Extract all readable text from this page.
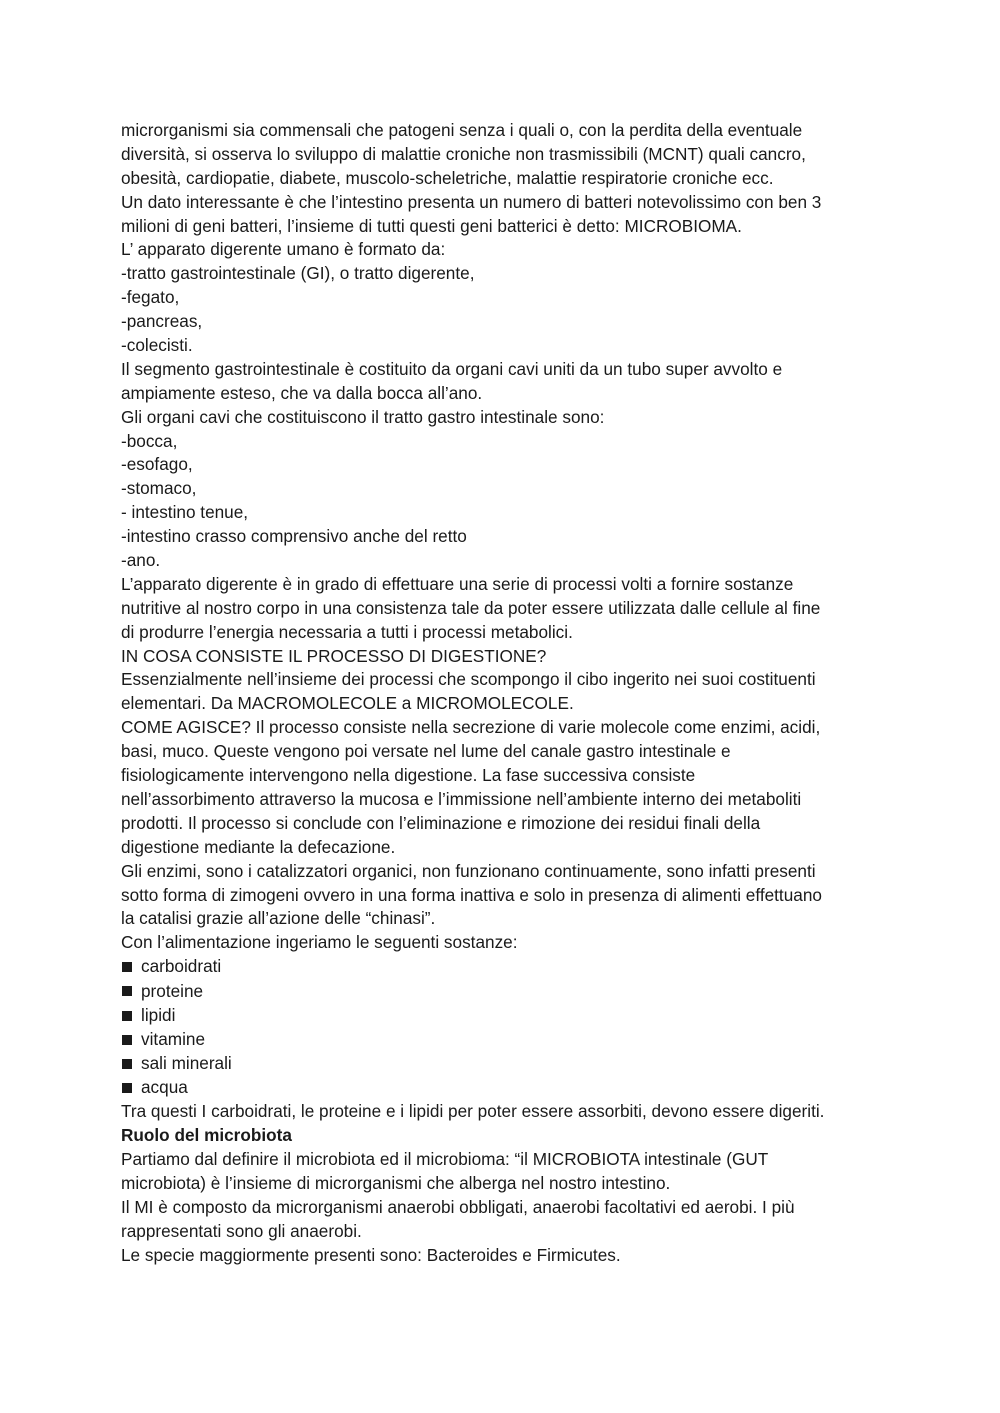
microrganismi sia commensali che patogeni senza i quali o, con la perdita della eventuale
diversità, si osserva lo sviluppo di malattie croniche non trasmissibili (MCNT) quali cancro,
obesità, cardiopatie, diabete, muscolo-scheletriche, malattie respiratorie croniche ecc.
Un dato interessante è che l’intestino presenta un numero di batteri notevolissimo con ben 3
milioni di geni batteri, l’insieme di tutti questi geni batterici è detto: MICROBIOMA.
L’ apparato digerente umano è formato da:
-tratto gastrointestinale (GI), o tratto digerente,
-fegato,
-pancreas,
-colecisti.
Il segmento gastrointestinale è costituito da organi cavi uniti da un tubo super avvolto e
ampiamente esteso, che va dalla bocca all’ano.
Gli organi cavi che costituiscono il tratto gastro intestinale sono:
-bocca,
-esofago,
-stomaco,
- intestino tenue,
-intestino crasso comprensivo anche del retto
-ano.
L’apparato digerente è in grado di effettuare una serie di processi volti a fornire sostanze
nutritive al nostro corpo in una consistenza tale da poter essere utilizzata dalle cellule al fine
di produrre l’energia necessaria a tutti i processi metabolici.
IN COSA CONSISTE IL PROCESSO DI DIGESTIONE?
Essenzialmente nell’insieme dei processi che scompongo il cibo ingerito nei suoi costituenti
elementari. Da MACROMOLECOLE a MICROMOLECOLE.
COME AGISCE? Il processo consiste nella secrezione di varie molecole come enzimi, acidi,
basi, muco. Queste vengono poi versate nel lume del canale gastro intestinale e
fisiologicamente intervengono nella digestione. La fase successiva consiste
nell’assorbimento attraverso la mucosa e l’immissione nell’ambiente interno dei metaboliti
prodotti. Il processo si conclude con l’eliminazione e rimozione dei residui finali della
digestione mediante la defecazione.
Gli enzimi, sono i catalizzatori organici, non funzionano continuamente, sono infatti presenti
sotto forma di zimogeni ovvero in una forma inattiva e solo in presenza di alimenti effettuano
la catalisi grazie all’azione delle “chinasi”.
Con l’alimentazione ingeriamo le seguenti sostanze:
carboidrati
proteine
lipidi
vitamine
sali minerali
acqua
Tra questi I carboidrati, le proteine e i lipidi per poter essere assorbiti, devono essere digeriti.
Ruolo del microbiota
Partiamo dal definire il microbiota ed il microbioma: “il MICROBIOTA intestinale (GUT
microbiota) è l’insieme di microrganismi che alberga nel nostro intestino.
Il MI è composto da microrganismi anaerobi obbligati, anaerobi facoltativi ed aerobi. I più
rappresentati sono gli anaerobi.
Le specie maggiormente presenti sono: Bacteroides e Firmicutes.
